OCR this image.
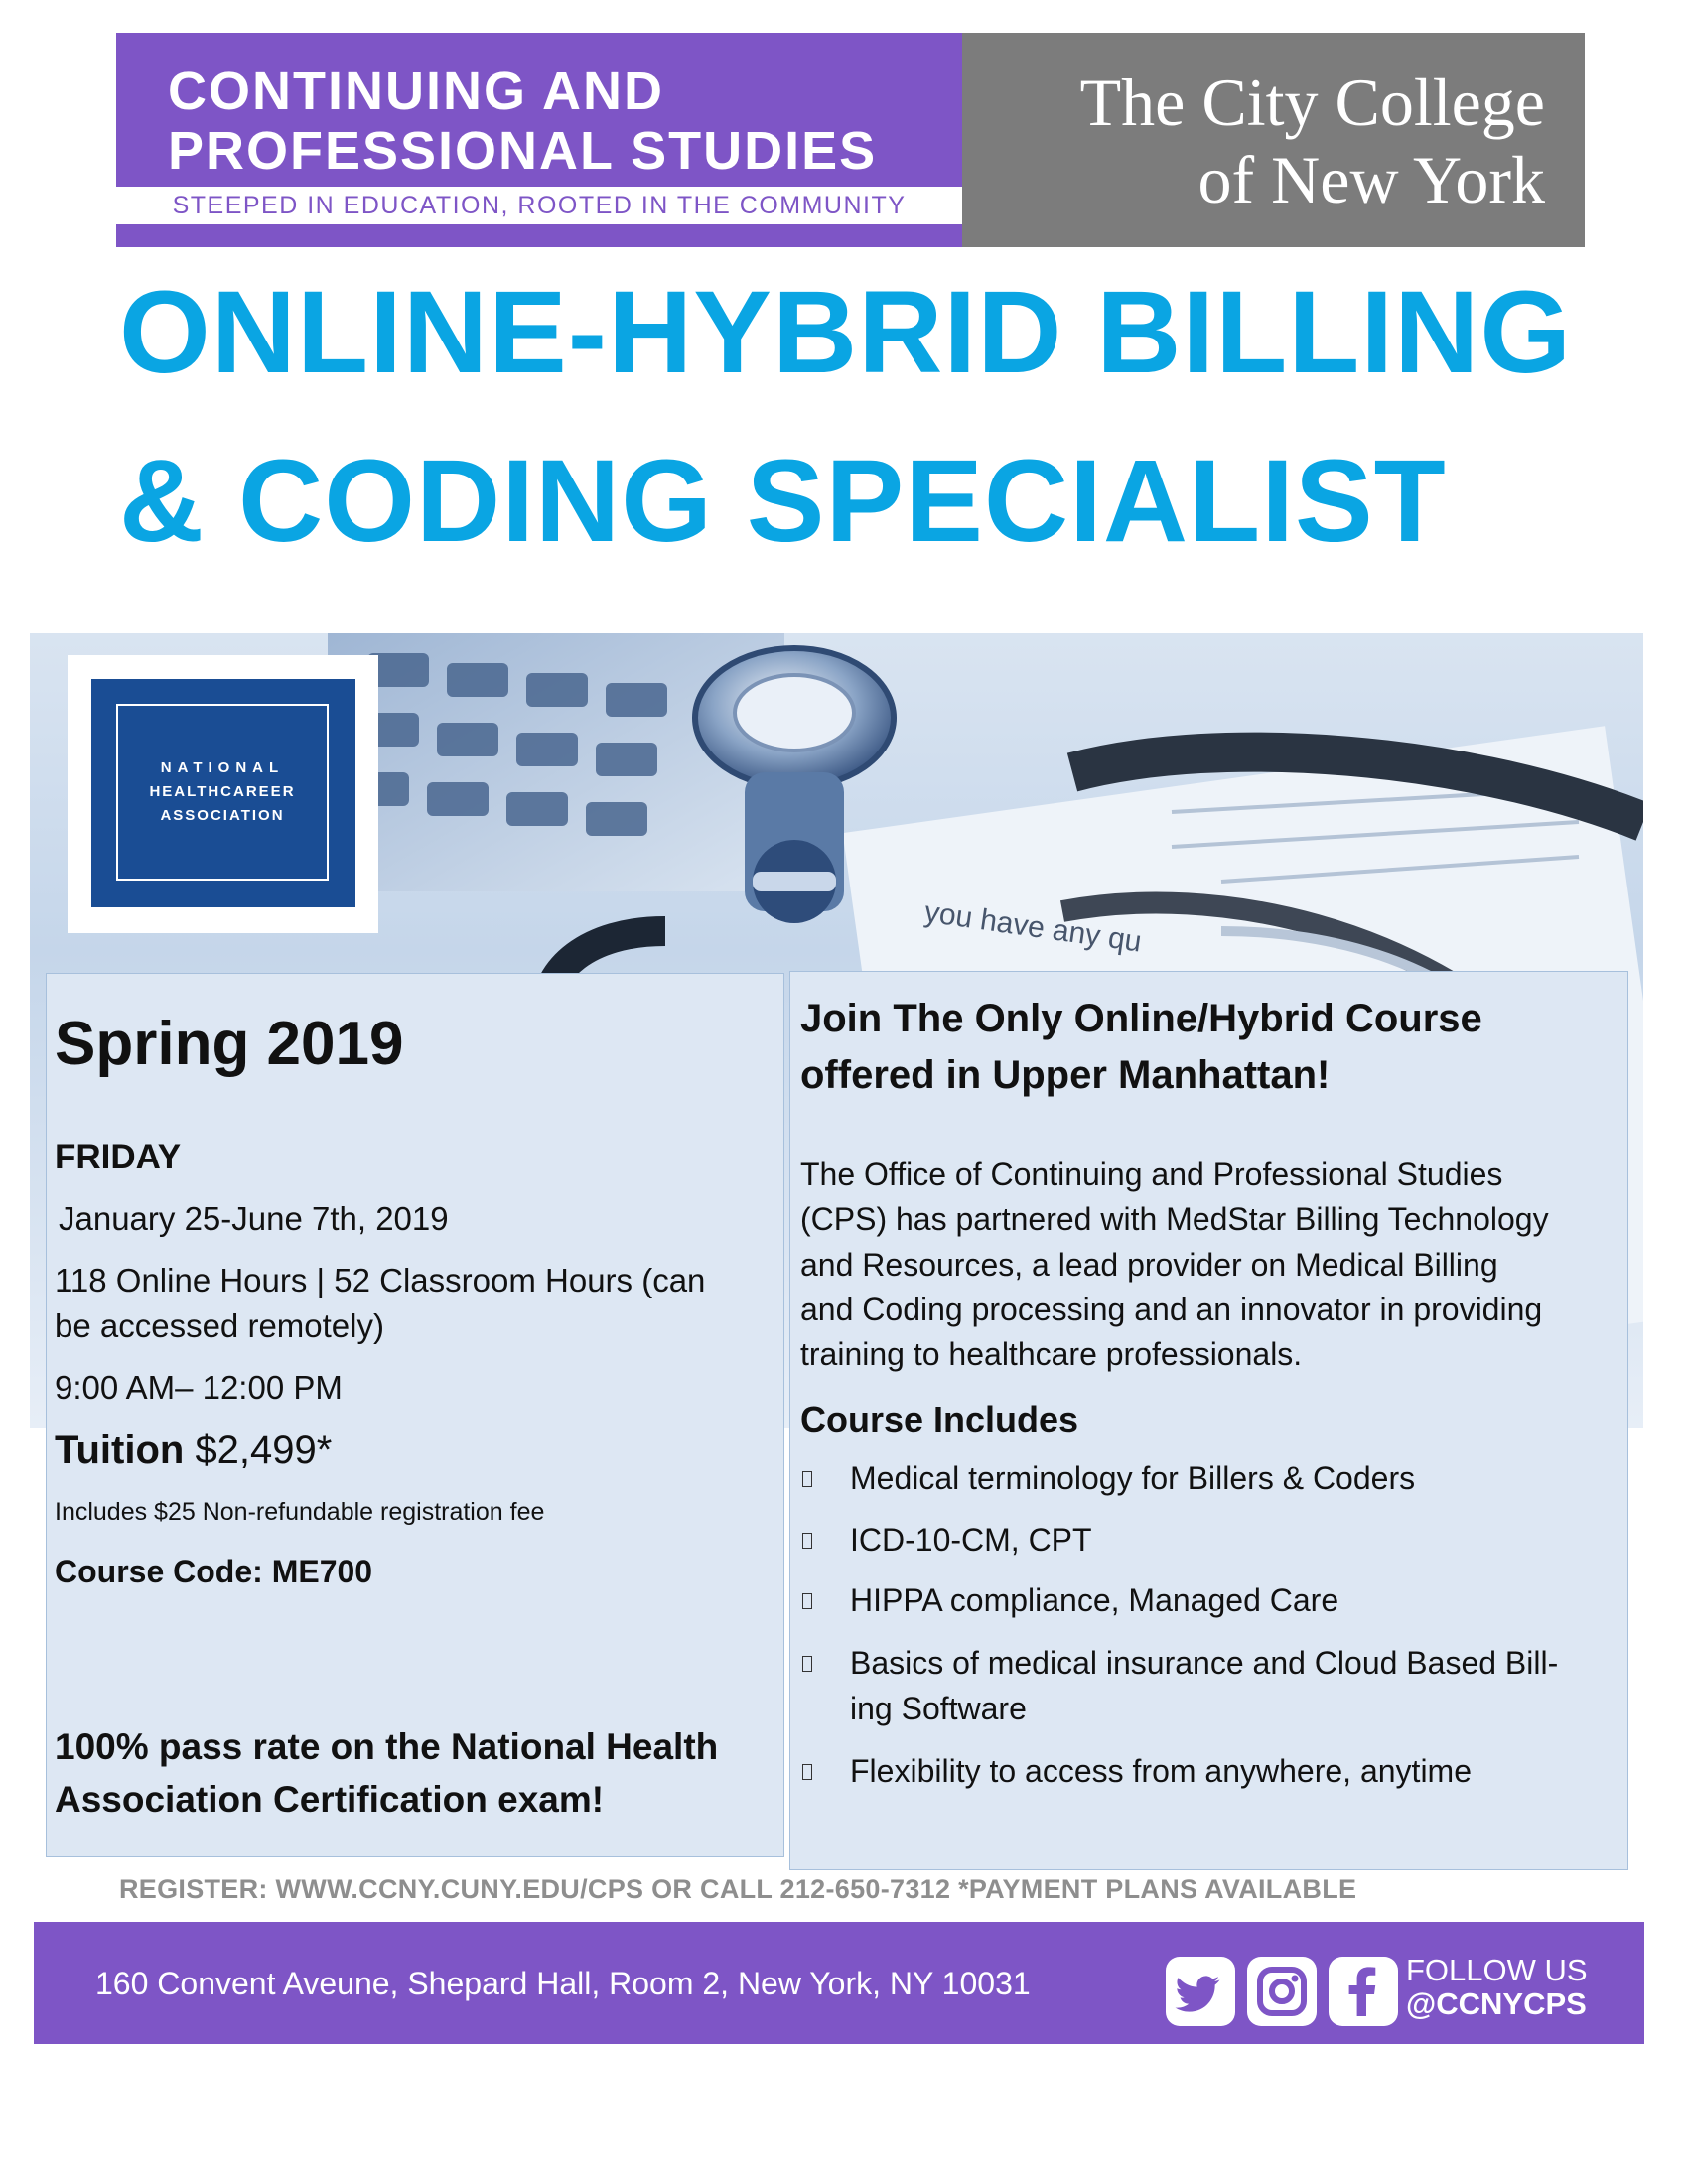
CONTINUING AND
PROFESSIONAL STUDIES
STEEPED IN EDUCATION, ROOTED IN THE COMMUNITY
The City College
of New York
ONLINE-HYBRID BILLING
& CODING SPECIALIST
you have any qu
NATIONAL
HEALTHCAREER
ASSOCIATION
Spring 2019
FRIDAY
January 25-June 7th, 2019
118 Online Hours | 52 Classroom Hours (can
be accessed remotely)
9:00 AM– 12:00 PM
Tuition $2,499*
Includes $25 Non-refundable registration fee
Course Code: ME700
100% pass rate on the National Health
Association Certification exam!
Join The Only Online/Hybrid Course
offered in Upper Manhattan!
The Office of Continuing and Professional Studies
(CPS) has partnered with MedStar Billing Technology
and Resources, a lead provider on Medical Billing
and Coding processing and an innovator in providing
training to healthcare professionals.
Course Includes
Medical terminology for Billers & Coders
ICD-10-CM, CPT
HIPPA compliance, Managed Care
Basics of medical insurance and Cloud Based Bill-
ing Software
Flexibility to access from anywhere, anytime
REGISTER: WWW.CCNY.CUNY.EDU/CPS OR CALL 212-650-7312 *PAYMENT PLANS AVAILABLE
160 Convent Aveune, Shepard Hall, Room 2, New York, NY 10031	FOLLOW US
@CCNYCPS
